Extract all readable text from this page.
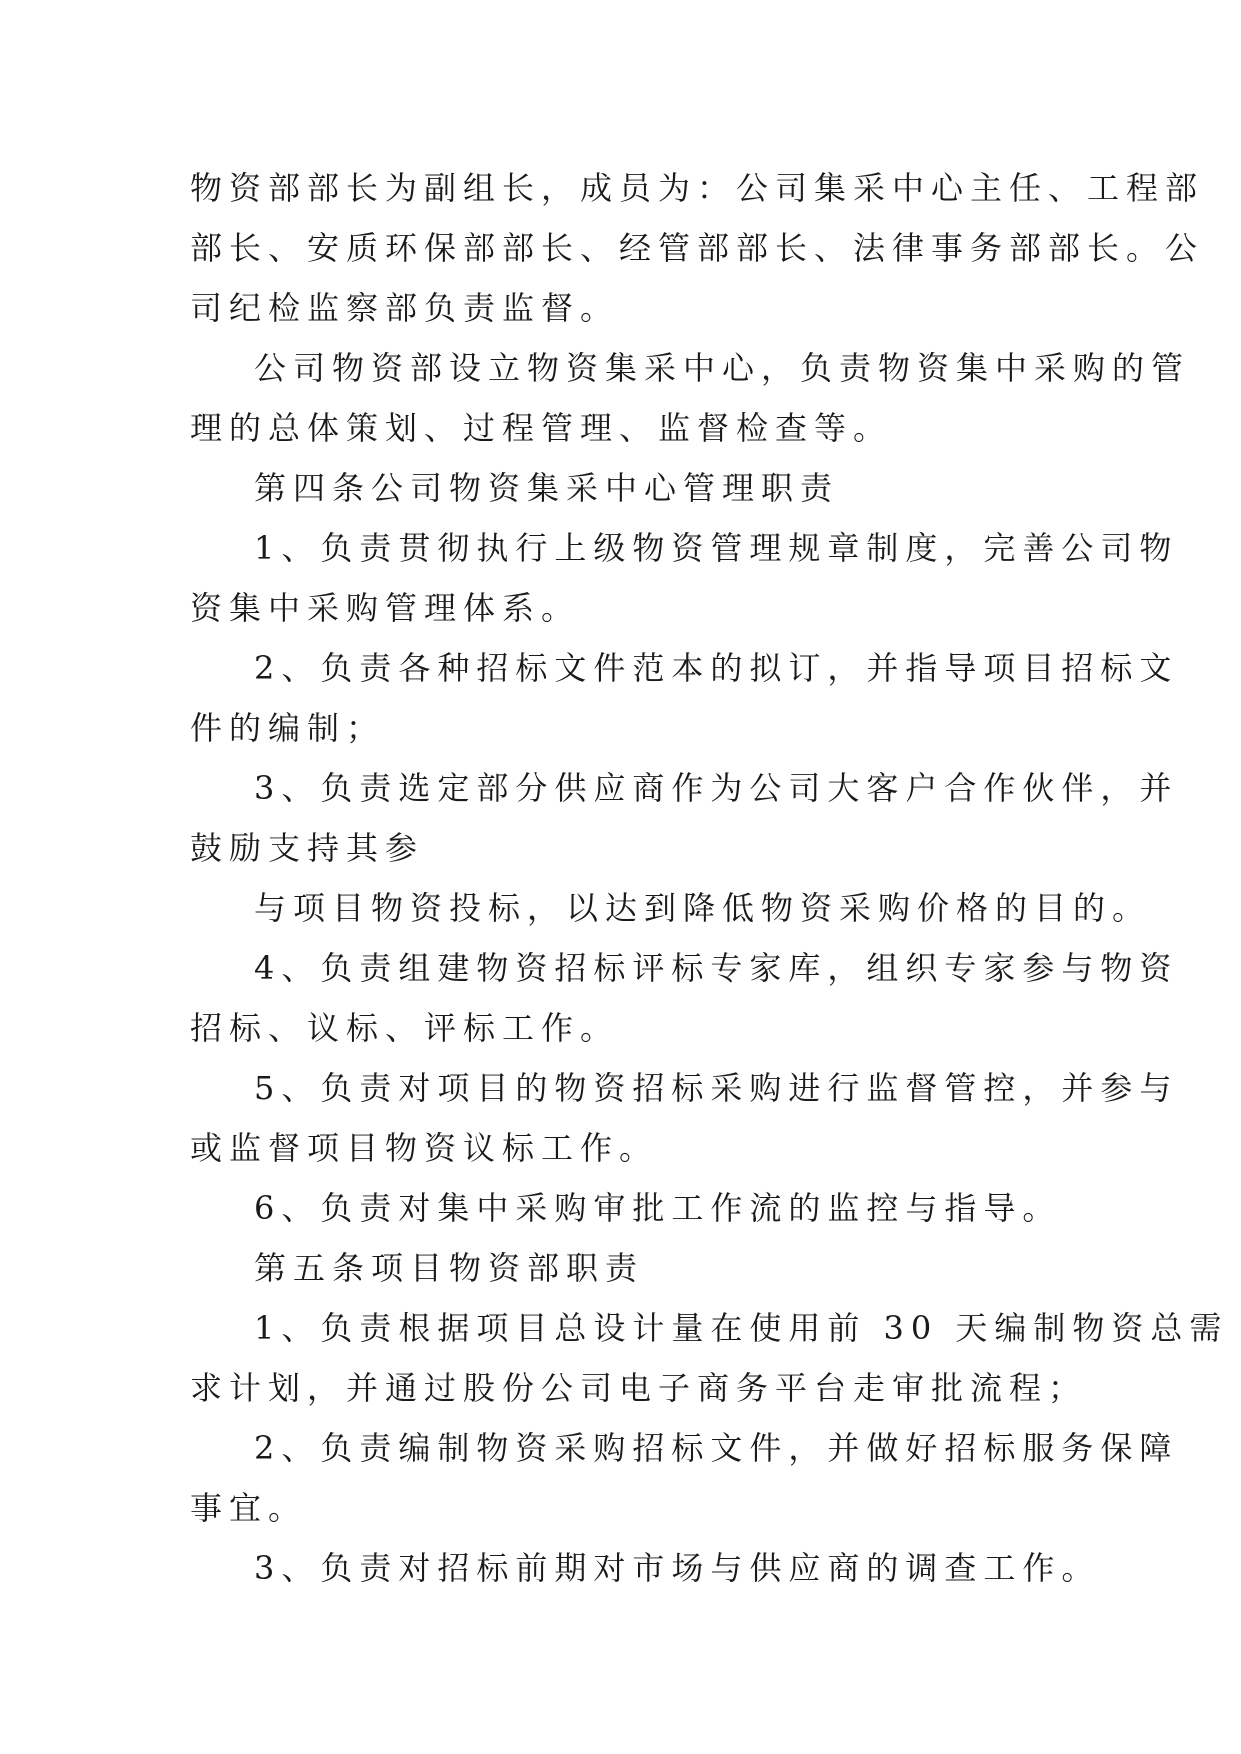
物资部部长为副组长，成员为：公司集采中心主任、工程部
部长、安质环保部部长、经管部部长、法律事务部部长。公
司纪检监察部负责监督。
公司物资部设立物资集采中心，负责物资集中采购的管
理的总体策划、过程管理、监督检查等。
第四条公司物资集采中心管理职责
1、负责贯彻执行上级物资管理规章制度，完善公司物
资集中采购管理体系。
2、负责各种招标文件范本的拟订，并指导项目招标文
件的编制；
3、负责选定部分供应商作为公司大客户合作伙伴，并
鼓励支持其参
与项目物资投标，以达到降低物资采购价格的目的。
4、负责组建物资招标评标专家库，组织专家参与物资
招标、议标、评标工作。
5、负责对项目的物资招标采购进行监督管控，并参与
或监督项目物资议标工作。
6、负责对集中采购审批工作流的监控与指导。
第五条项目物资部职责
1、负责根据项目总设计量在使用前 30 天编制物资总需
求计划，并通过股份公司电子商务平台走审批流程；
2、负责编制物资采购招标文件，并做好招标服务保障
事宜。
3、负责对招标前期对市场与供应商的调查工作。
